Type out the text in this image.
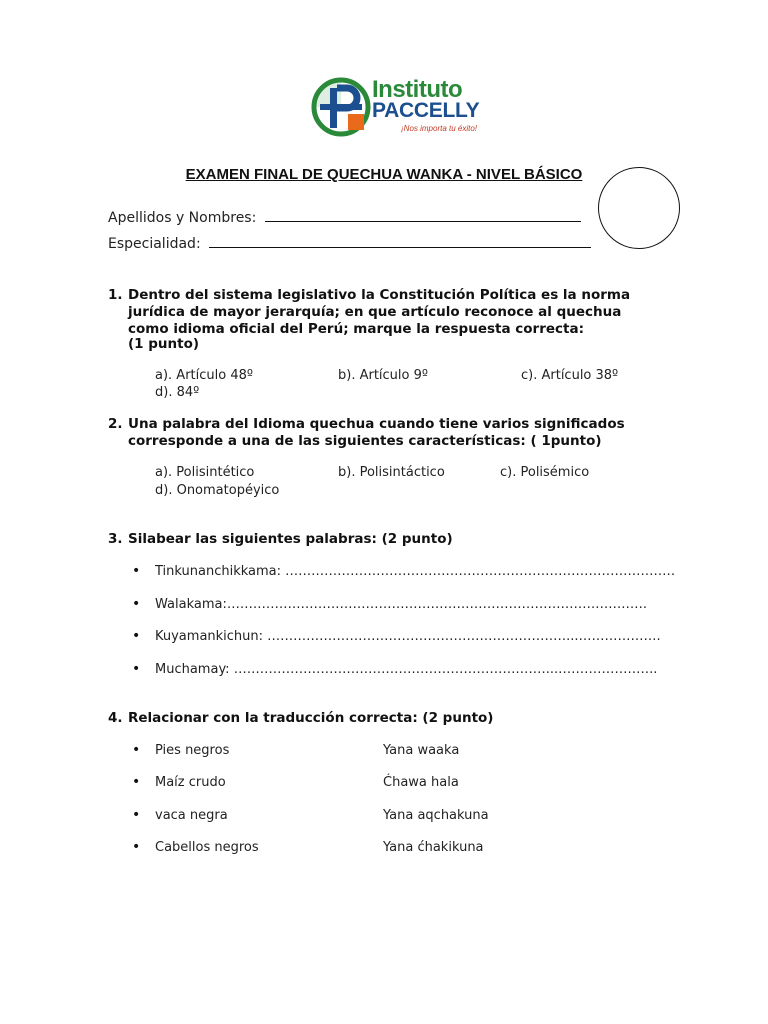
Instituto
PACCELLY
¡Nos importa tu éxito!
EXAMEN FINAL DE QUECHUA WANKA - NIVEL BÁSICO
Apellidos y Nombres:
Especialidad:
1. Dentro del sistema legislativo la Constitución Política es la norma jurídica de mayor jerarquía; en que artículo reconoce al quechua como idioma oficial del Perú; marque la respuesta correcta:
(1 punto)
a). Artículo 48º	b). Artículo 9º	c). Artículo 38º
d). 84º
2. Una palabra del Idioma quechua cuando tiene varios significados corresponde a una de las siguientes características: ( 1punto)
a). Polisintético	b). Polisintáctico	c). Polisémico
d). Onomatopéyico
3. Silabear las siguientes palabras: (2 punto)
• Tinkunanchikkama: ………………………………………………………………………………
• Walakama:…………………………………………………………………………………….
• Kuyamankichun: ……………………………………………………………...……………….
• Muchamay: ………………………………………………………………...…………………..
4. Relacionar con la traducción correcta: (2 punto)
• Pies negros	Yana waaka
• Maíz crudo	Ćhawa hala
• vaca negra	Yana aqchakuna
• Cabellos negros	Yana ćhakikuna
